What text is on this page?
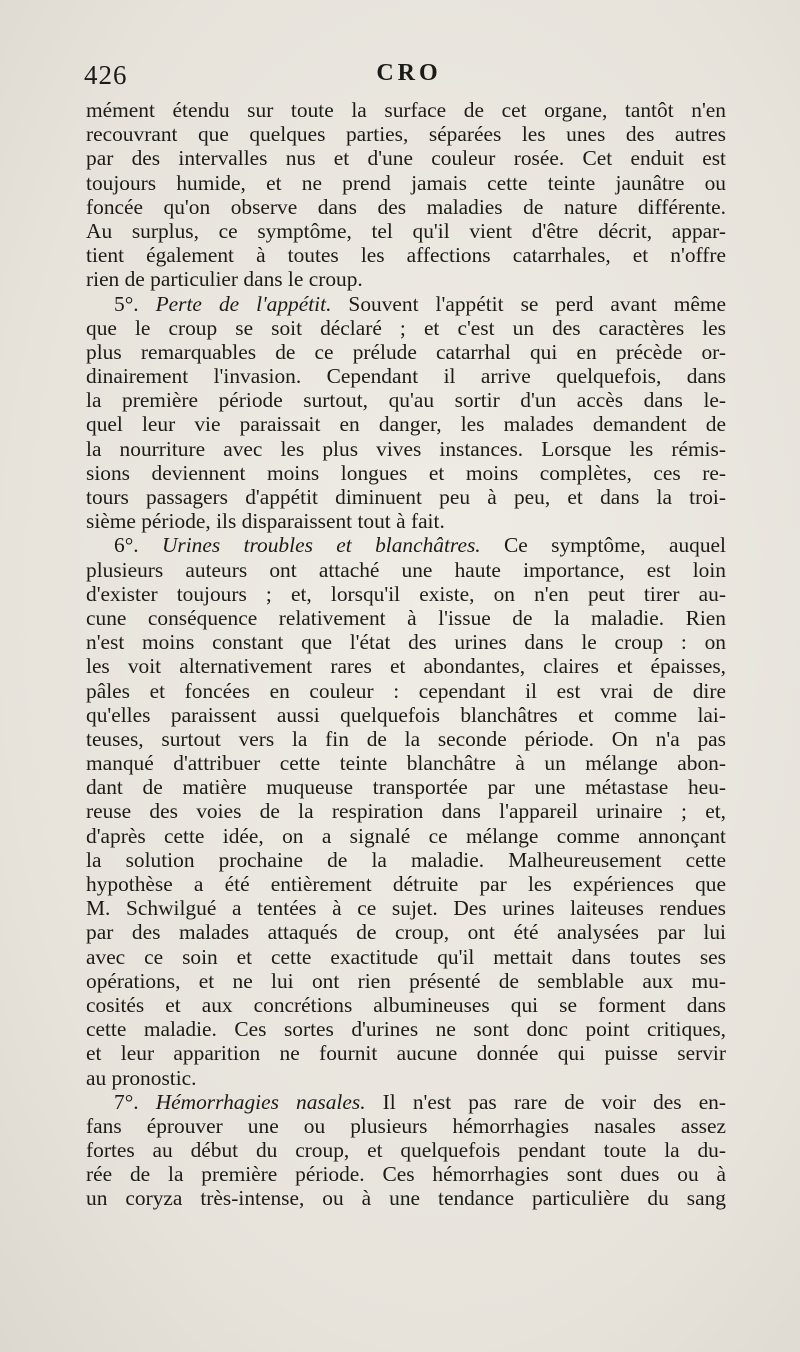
426	CRO
mément étendu sur toute la surface de cet organe, tantôt n'en
recouvrant que quelques parties, séparées les unes des autres
par des intervalles nus et d'une couleur rosée. Cet enduit est
toujours humide, et ne prend jamais cette teinte jaunâtre ou
foncée qu'on observe dans des maladies de nature différente.
Au surplus, ce symptôme, tel qu'il vient d'être décrit, appar-
tient également à toutes les affections catarrhales, et n'offre
rien de particulier dans le croup.
5°. Perte de l'appétit. Souvent l'appétit se perd avant même
que le croup se soit déclaré ; et c'est un des caractères les
plus remarquables de ce prélude catarrhal qui en précède or-
dinairement l'invasion. Cependant il arrive quelquefois, dans
la première période surtout, qu'au sortir d'un accès dans le-
quel leur vie paraissait en danger, les malades demandent de
la nourriture avec les plus vives instances. Lorsque les rémis-
sions deviennent moins longues et moins complètes, ces re-
tours passagers d'appétit diminuent peu à peu, et dans la troi-
sième période, ils disparaissent tout à fait.
6°. Urines troubles et blanchâtres. Ce symptôme, auquel
plusieurs auteurs ont attaché une haute importance, est loin
d'exister toujours ; et, lorsqu'il existe, on n'en peut tirer au-
cune conséquence relativement à l'issue de la maladie. Rien
n'est moins constant que l'état des urines dans le croup : on
les voit alternativement rares et abondantes, claires et épaisses,
pâles et foncées en couleur : cependant il est vrai de dire
qu'elles paraissent aussi quelquefois blanchâtres et comme lai-
teuses, surtout vers la fin de la seconde période. On n'a pas
manqué d'attribuer cette teinte blanchâtre à un mélange abon-
dant de matière muqueuse transportée par une métastase heu-
reuse des voies de la respiration dans l'appareil urinaire ; et,
d'après cette idée, on a signalé ce mélange comme annonçant
la solution prochaine de la maladie. Malheureusement cette
hypothèse a été entièrement détruite par les expériences que
M. Schwilgué a tentées à ce sujet. Des urines laiteuses rendues
par des malades attaqués de croup, ont été analysées par lui
avec ce soin et cette exactitude qu'il mettait dans toutes ses
opérations, et ne lui ont rien présenté de semblable aux mu-
cosités et aux concrétions albumineuses qui se forment dans
cette maladie. Ces sortes d'urines ne sont donc point critiques,
et leur apparition ne fournit aucune donnée qui puisse servir
au pronostic.
7°. Hémorrhagies nasales. Il n'est pas rare de voir des en-
fans éprouver une ou plusieurs hémorrhagies nasales assez
fortes au début du croup, et quelquefois pendant toute la du-
rée de la première période. Ces hémorrhagies sont dues ou à
un coryza très-intense, ou à une tendance particulière du sang
